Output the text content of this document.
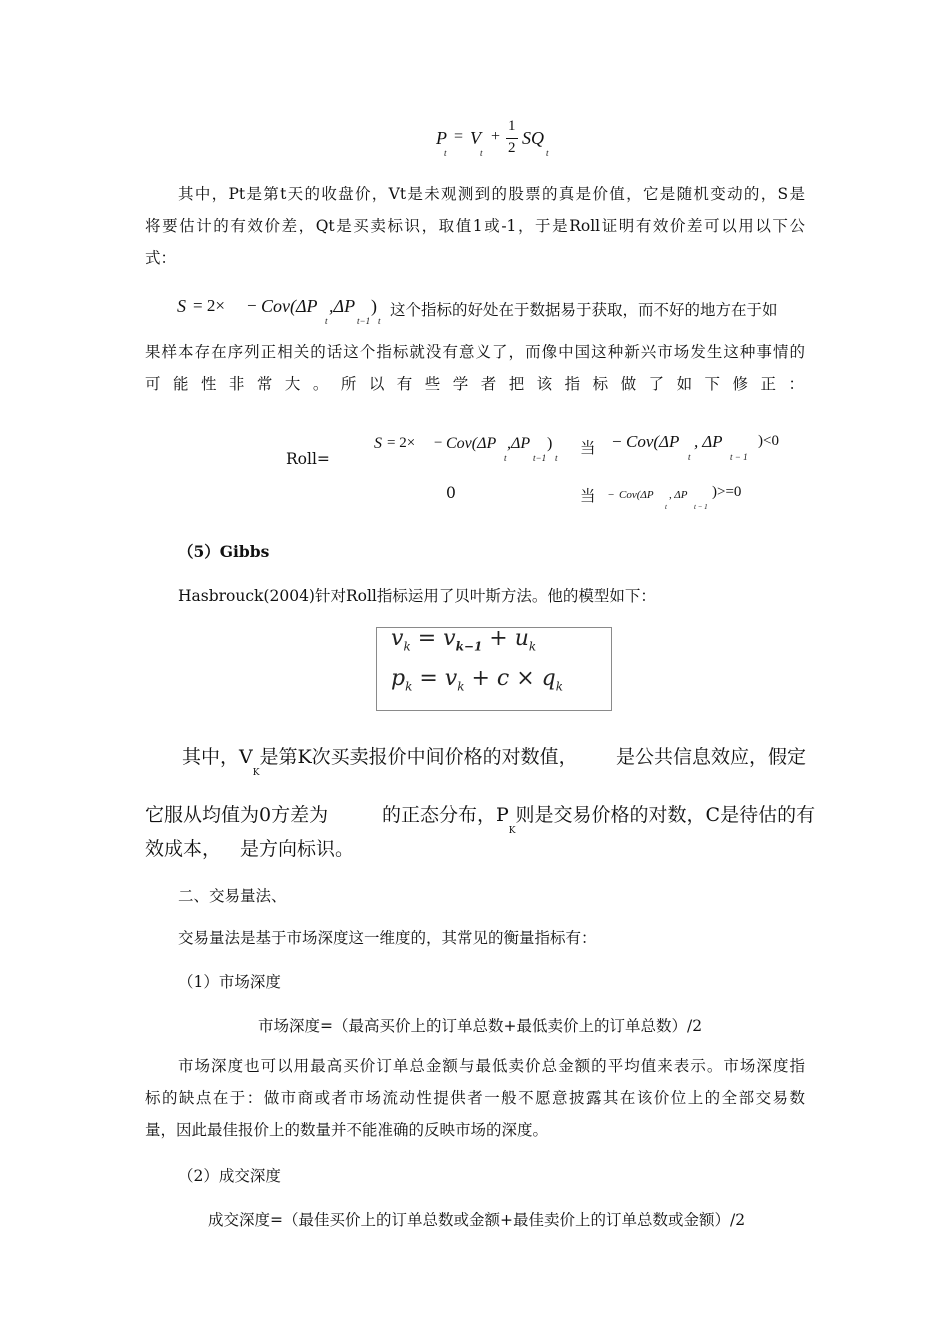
P
t
= V
t
+
1
2 SQ
t
其中，Pt是第t天的收盘价，Vt是未观测到的股票的真是价值，它是随机变动的，S是
将要估计的有效价差，Qt是买卖标识，取值1或-1，于是Roll证明有效价差可以用以下公
式：
S = 2× − Cov(ΔP
t
,ΔP
t−1
)
t
这个指标的好处在于数据易于获取，而不好的地方在于如
果样本存在序列正相关的话这个指标就没有意义了，而像中国这种新兴市场发生这种事情的
可能性非常大。所以有些学者把该指标做了如下修正：
Roll=
S = 2× − Cov(ΔP
t
,ΔP
t−1
)
t
当 − Cov(ΔP
t
, ΔP
t − 1
)<0
0	当 − Cov(ΔP
t
, ΔP
t − 1
)>=0
（5）Gibbs
Hasbrouck(2004)针对Roll指标运用了贝叶斯方法。他的模型如下：
$v_k = v_{k-1} + u_k$
$p_k = v_k + c \times q_k$
其中，$V_K$是第K次买卖报价中间价格的对数值， 是公共信息效应，假定
它服从均值为0方差为	的正态分布，$P_K$则是交易价格的对数，C是待估的有
效成本， 是方向标识。
二、交易量法、
交易量法是基于市场深度这一维度的，其常见的衡量指标有：
（1）市场深度
市场深度=（最高买价上的订单总数+最低卖价上的订单总数）/2
市场深度也可以用最高买价订单总金额与最低卖价总金额的平均值来表示。市场深度指
标的缺点在于：做市商或者市场流动性提供者一般不愿意披露其在该价位上的全部交易数
量，因此最佳报价上的数量并不能准确的反映市场的深度。
（2）成交深度
成交深度=（最佳买价上的订单总数或金额+最佳卖价上的订单总数或金额）/2
